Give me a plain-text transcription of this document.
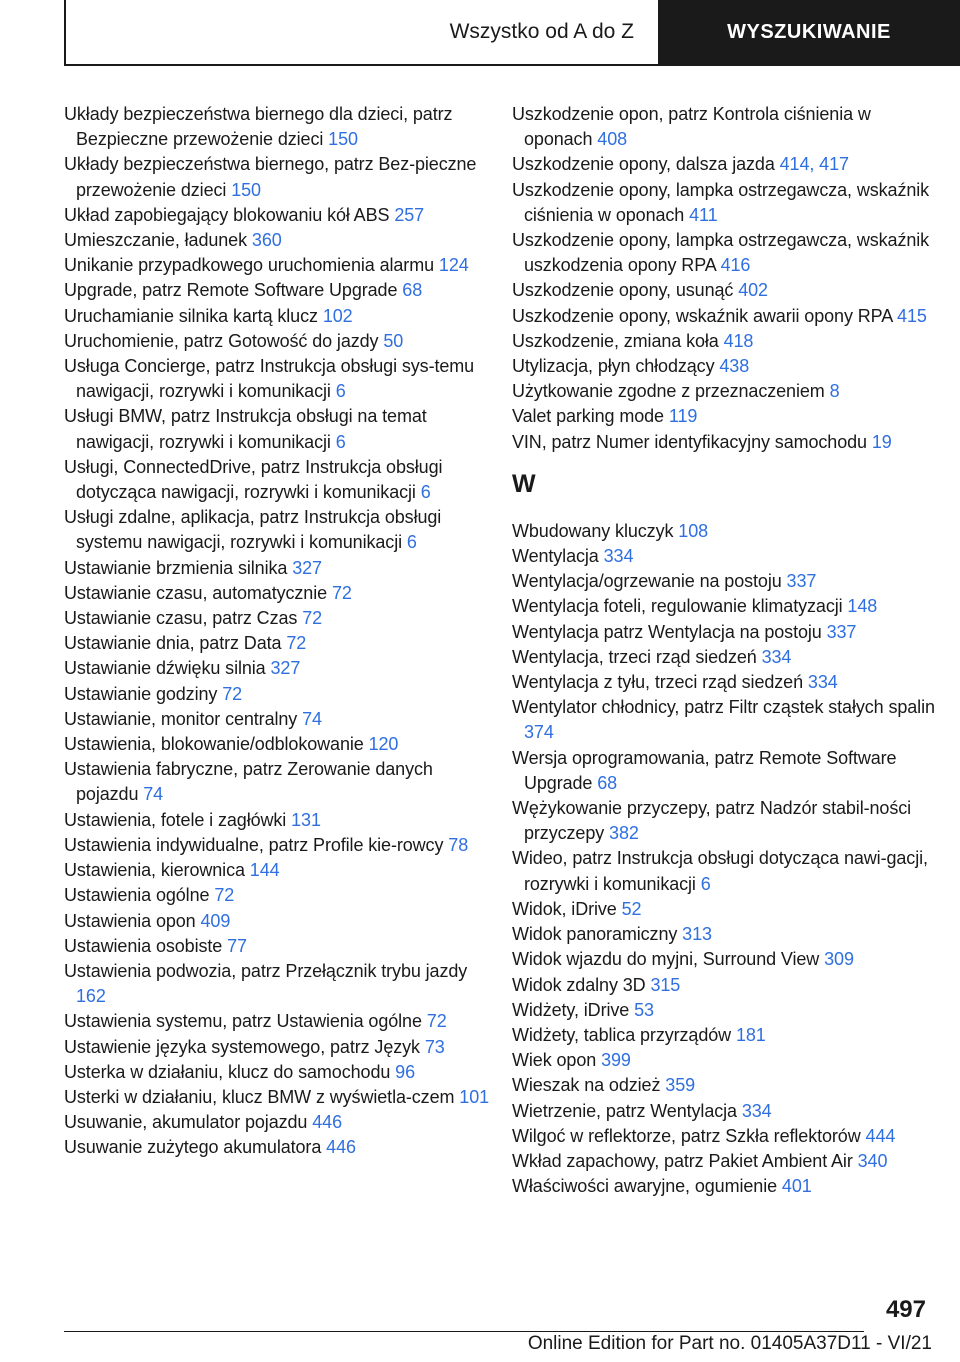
Wszystko od A do Z	WYSZUKIWANIE

Układy bezpieczeństwa biernego dla dzieci, patrz Bezpieczne przewożenie dzieci 150

Układy bezpieczeństwa biernego, patrz Bez‐pieczne przewożenie dzieci 150

Układ zapobiegający blokowaniu kół ABS 257

Umieszczanie, ładunek 360

Unikanie przypadkowego uruchomienia alarmu 124

Upgrade, patrz Remote Software Upgrade 68

Uruchamianie silnika kartą klucz 102

Uruchomienie, patrz Gotowość do jazdy 50

Usługa Concierge, patrz Instrukcja obsługi sys‐temu nawigacji, rozrywki i komunikacji 6

Usługi BMW, patrz Instrukcja obsługi na temat nawigacji, rozrywki i komunikacji 6

Usługi, ConnectedDrive, patrz Instrukcja obsługi dotycząca nawigacji, rozrywki i komunikacji 6

Usługi zdalne, aplikacja, patrz Instrukcja obsługi systemu nawigacji, rozrywki i komunikacji 6

Ustawianie brzmienia silnika 327

Ustawianie czasu, automatycznie 72

Ustawianie czasu, patrz Czas 72

Ustawianie dnia, patrz Data 72

Ustawianie dźwięku silnia 327

Ustawianie godziny 72

Ustawianie, monitor centralny 74

Ustawienia, blokowanie/odblokowanie 120

Ustawienia fabryczne, patrz Zerowanie danych pojazdu 74

Ustawienia, fotele i zagłówki 131

Ustawienia indywidualne, patrz Profile kie‐rowcy 78

Ustawienia, kierownica 144

Ustawienia ogólne 72

Ustawienia opon 409

Ustawienia osobiste 77

Ustawienia podwozia, patrz Przełącznik trybu jazdy 162

Ustawienia systemu, patrz Ustawienia ogólne 72

Ustawienie języka systemowego, patrz Język 73

Usterka w działaniu, klucz do samochodu 96

Usterki w działaniu, klucz BMW z wyświetla‐czem 101

Usuwanie, akumulator pojazdu 446

Usuwanie zużytego akumulatora 446

Uszkodzenie opon, patrz Kontrola ciśnienia w oponach 408

Uszkodzenie opony, dalsza jazda 414, 417

Uszkodzenie opony, lampka ostrzegawcza, wskaźnik ciśnienia w oponach 411

Uszkodzenie opony, lampka ostrzegawcza, wskaźnik uszkodzenia opony RPA 416

Uszkodzenie opony, usunąć 402

Uszkodzenie opony, wskaźnik awarii opony RPA 415

Uszkodzenie, zmiana koła 418

Utylizacja, płyn chłodzący 438

Użytkowanie zgodne z przeznaczeniem 8

Valet parking mode 119

VIN, patrz Numer identyfikacyjny samochodu 19

W

Wbudowany kluczyk 108

Wentylacja 334

Wentylacja/ogrzewanie na postoju 337

Wentylacja foteli, regulowanie klimatyzacji 148

Wentylacja patrz Wentylacja na postoju 337

Wentylacja, trzeci rząd siedzeń 334

Wentylacja z tyłu, trzeci rząd siedzeń 334

Wentylator chłodnicy, patrz Filtr cząstek stałych spalin 374

Wersja oprogramowania, patrz Remote Software Upgrade 68

Wężykowanie przyczepy, patrz Nadzór stabil‐ności przyczepy 382

Wideo, patrz Instrukcja obsługi dotycząca nawi‐gacji, rozrywki i komunikacji 6

Widok, iDrive 52

Widok panoramiczny 313

Widok wjazdu do myjni, Surround View 309

Widok zdalny 3D 315

Widżety, iDrive 53

Widżety, tablica przyrządów 181

Wiek opon 399

Wieszak na odzież 359

Wietrzenie, patrz Wentylacja 334

Wilgoć w reflektorze, patrz Szkła reflektorów 444

Wkład zapachowy, patrz Pakiet Ambient Air 340

Właściwości awaryjne, ogumienie 401

497
Online Edition for Part no. 01405A37D11 - VI/21
